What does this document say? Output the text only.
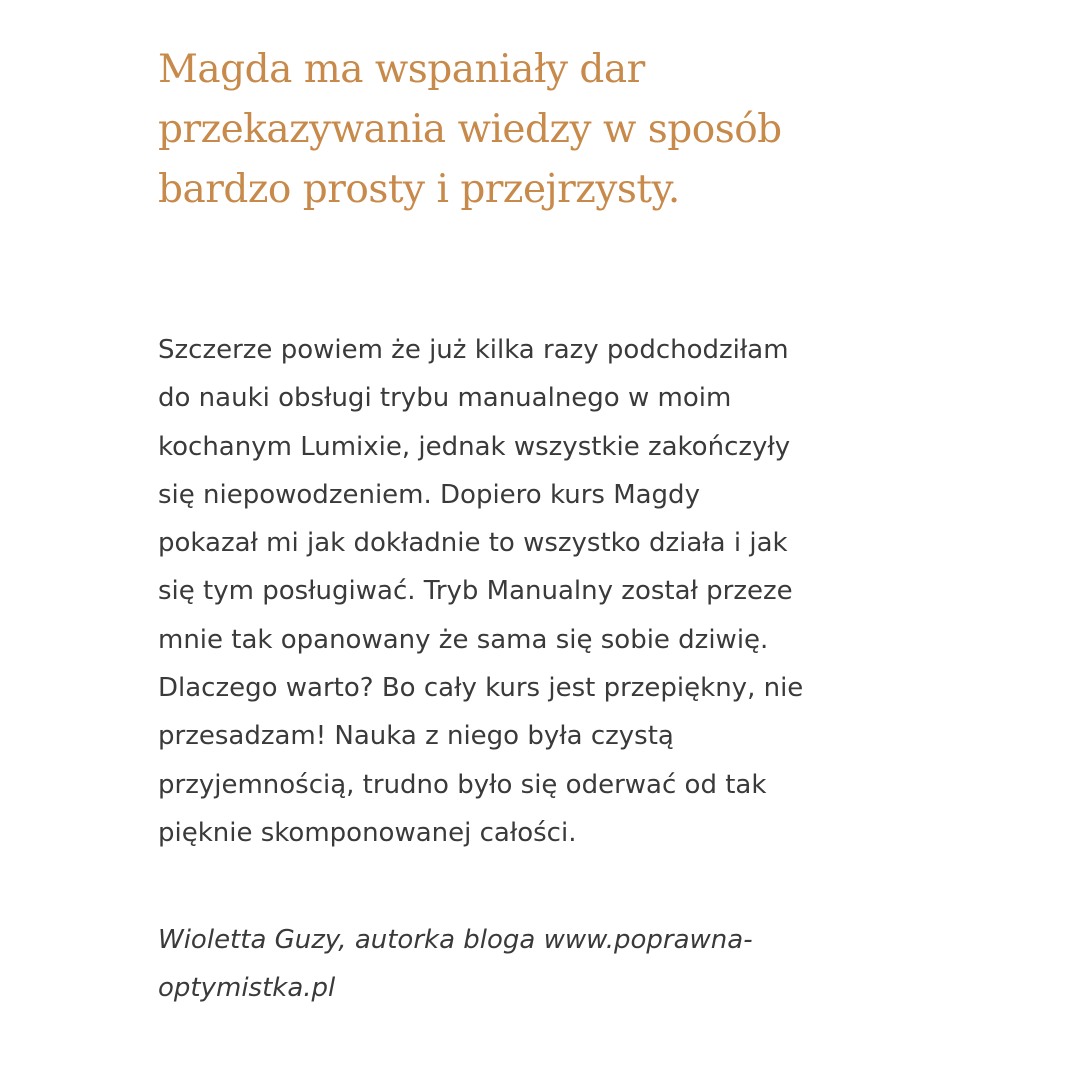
Magda ma wspaniały dar
przekazywania wiedzy w sposób
bardzo prosty i przejrzysty.

Szczerze powiem że już kilka razy podchodziłam
do nauki obsługi trybu manualnego w moim
kochanym Lumixie, jednak wszystkie zakończyły
się niepowodzeniem. Dopiero kurs Magdy
pokazał mi jak dokładnie to wszystko działa i jak
się tym posługiwać. Tryb Manualny został przeze
mnie tak opanowany że sama się sobie dziwię.
Dlaczego warto? Bo cały kurs jest przepiękny, nie
przesadzam! Nauka z niego była czystą
przyjemnością, trudno było się oderwać od tak
pięknie skomponowanej całości.

Wioletta Guzy, autorka bloga www.poprawna-
optymistka.pl
